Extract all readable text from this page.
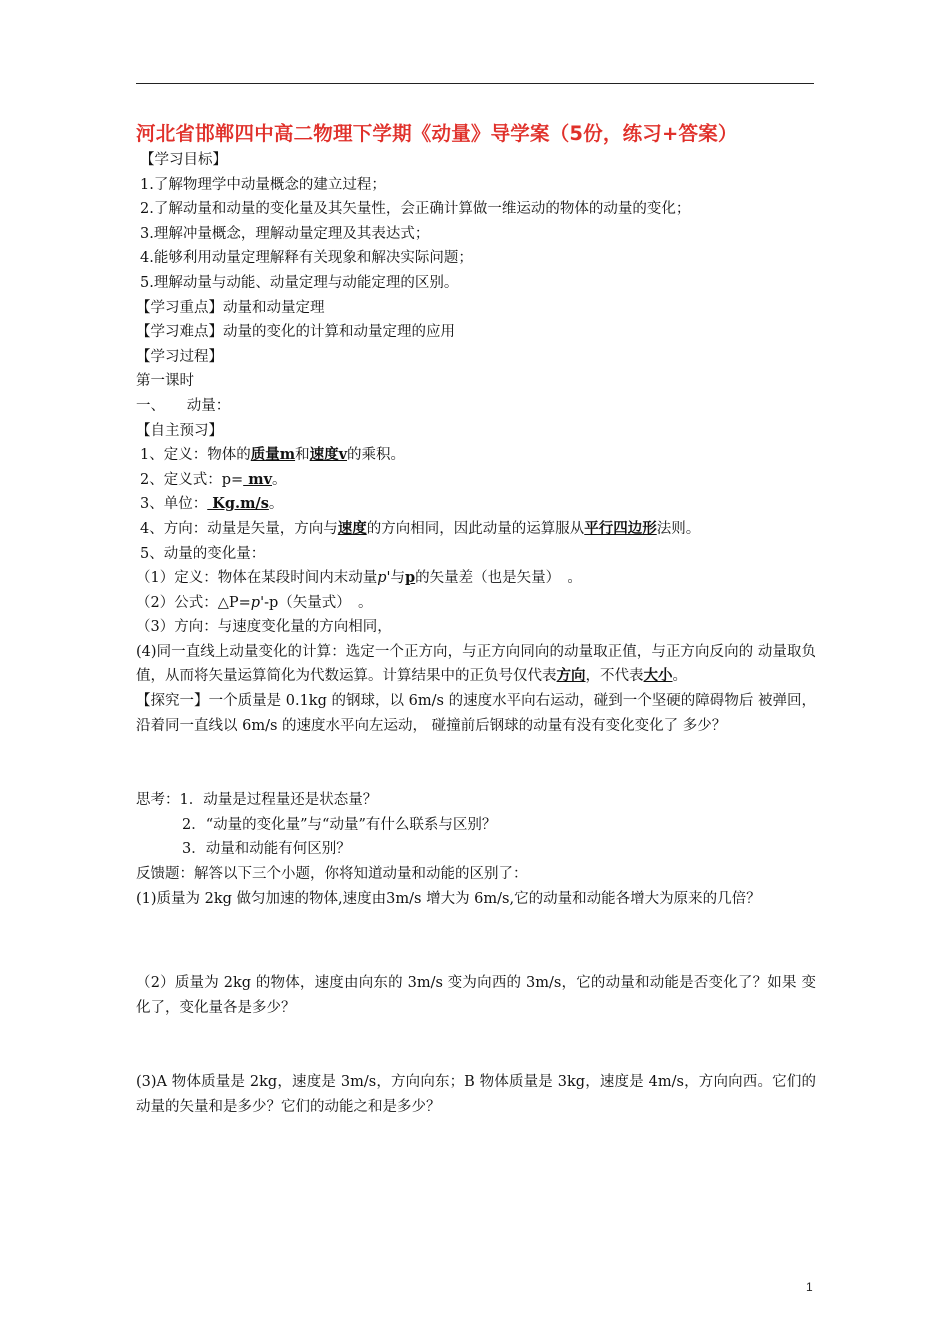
河北省邯郸四中高二物理下学期《动量》导学案（5份，练习+答案）
【学习目标】
1.了解物理学中动量概念的建立过程；
2.了解动量和动量的变化量及其矢量性，会正确计算做一维运动的物体的动量的变化；
3.理解冲量概念，理解动量定理及其表达式；
4.能够利用动量定理解释有关现象和解决实际问题；
5.理解动量与动能、动量定理与动能定理的区别。
【学习重点】动量和动量定理
【学习难点】动量的变化的计算和动量定理的应用
【学习过程】
第一课时
一、　　动量：
【自主预习】
1、定义：物体的质量m和速度v的乘积。
2、定义式：p= mv。
3、单位： Kg.m/s。
4、方向：动量是矢量，方向与速度的方向相同，因此动量的运算服从平行四边形法则。
5、动量的变化量：
（1）定义：物体在某段时间内末动量p'与p的矢量差（也是矢量）　。
（2）公式：△P=p'-p（矢量式）　。
（3）方向：与速度变化量的方向相同，
(4)同一直线上动量变化的计算：选定一个正方向，与正方向同向的动量取正值，与正方向反向的 动量取负值，从而将矢量运算简化为代数运算。计算结果中的正负号仅代表方向，不代表大小。
【探究一】一个质量是 0.1kg 的钢球，以 6m/s 的速度水平向右运动，碰到一个坚硬的障碍物后 被弹回， 沿着同一直线以 6m/s 的速度水平向左运动， 碰撞前后钢球的动量有没有变化变化了 多少？
思考：1．动量是过程量还是状态量？
2．“动量的变化量”与“动量”有什么联系与区别？
3．动量和动能有何区别？
反馈题：解答以下三个小题，你将知道动量和动能的区别了：
(1)质量为 2kg 做匀加速的物体,速度由3m/s 增大为 6m/s,它的动量和动能各增大为原来的几倍？
（2）质量为 2kg 的物体，速度由向东的 3m/s 变为向西的 3m/s，它的动量和动能是否变化了？如果 变化了，变化量各是多少？
(3)A 物体质量是 2kg，速度是 3m/s，方向向东；B 物体质量是 3kg，速度是 4m/s，方向向西。它们的动量的矢量和是多少？它们的动能之和是多少？
1
